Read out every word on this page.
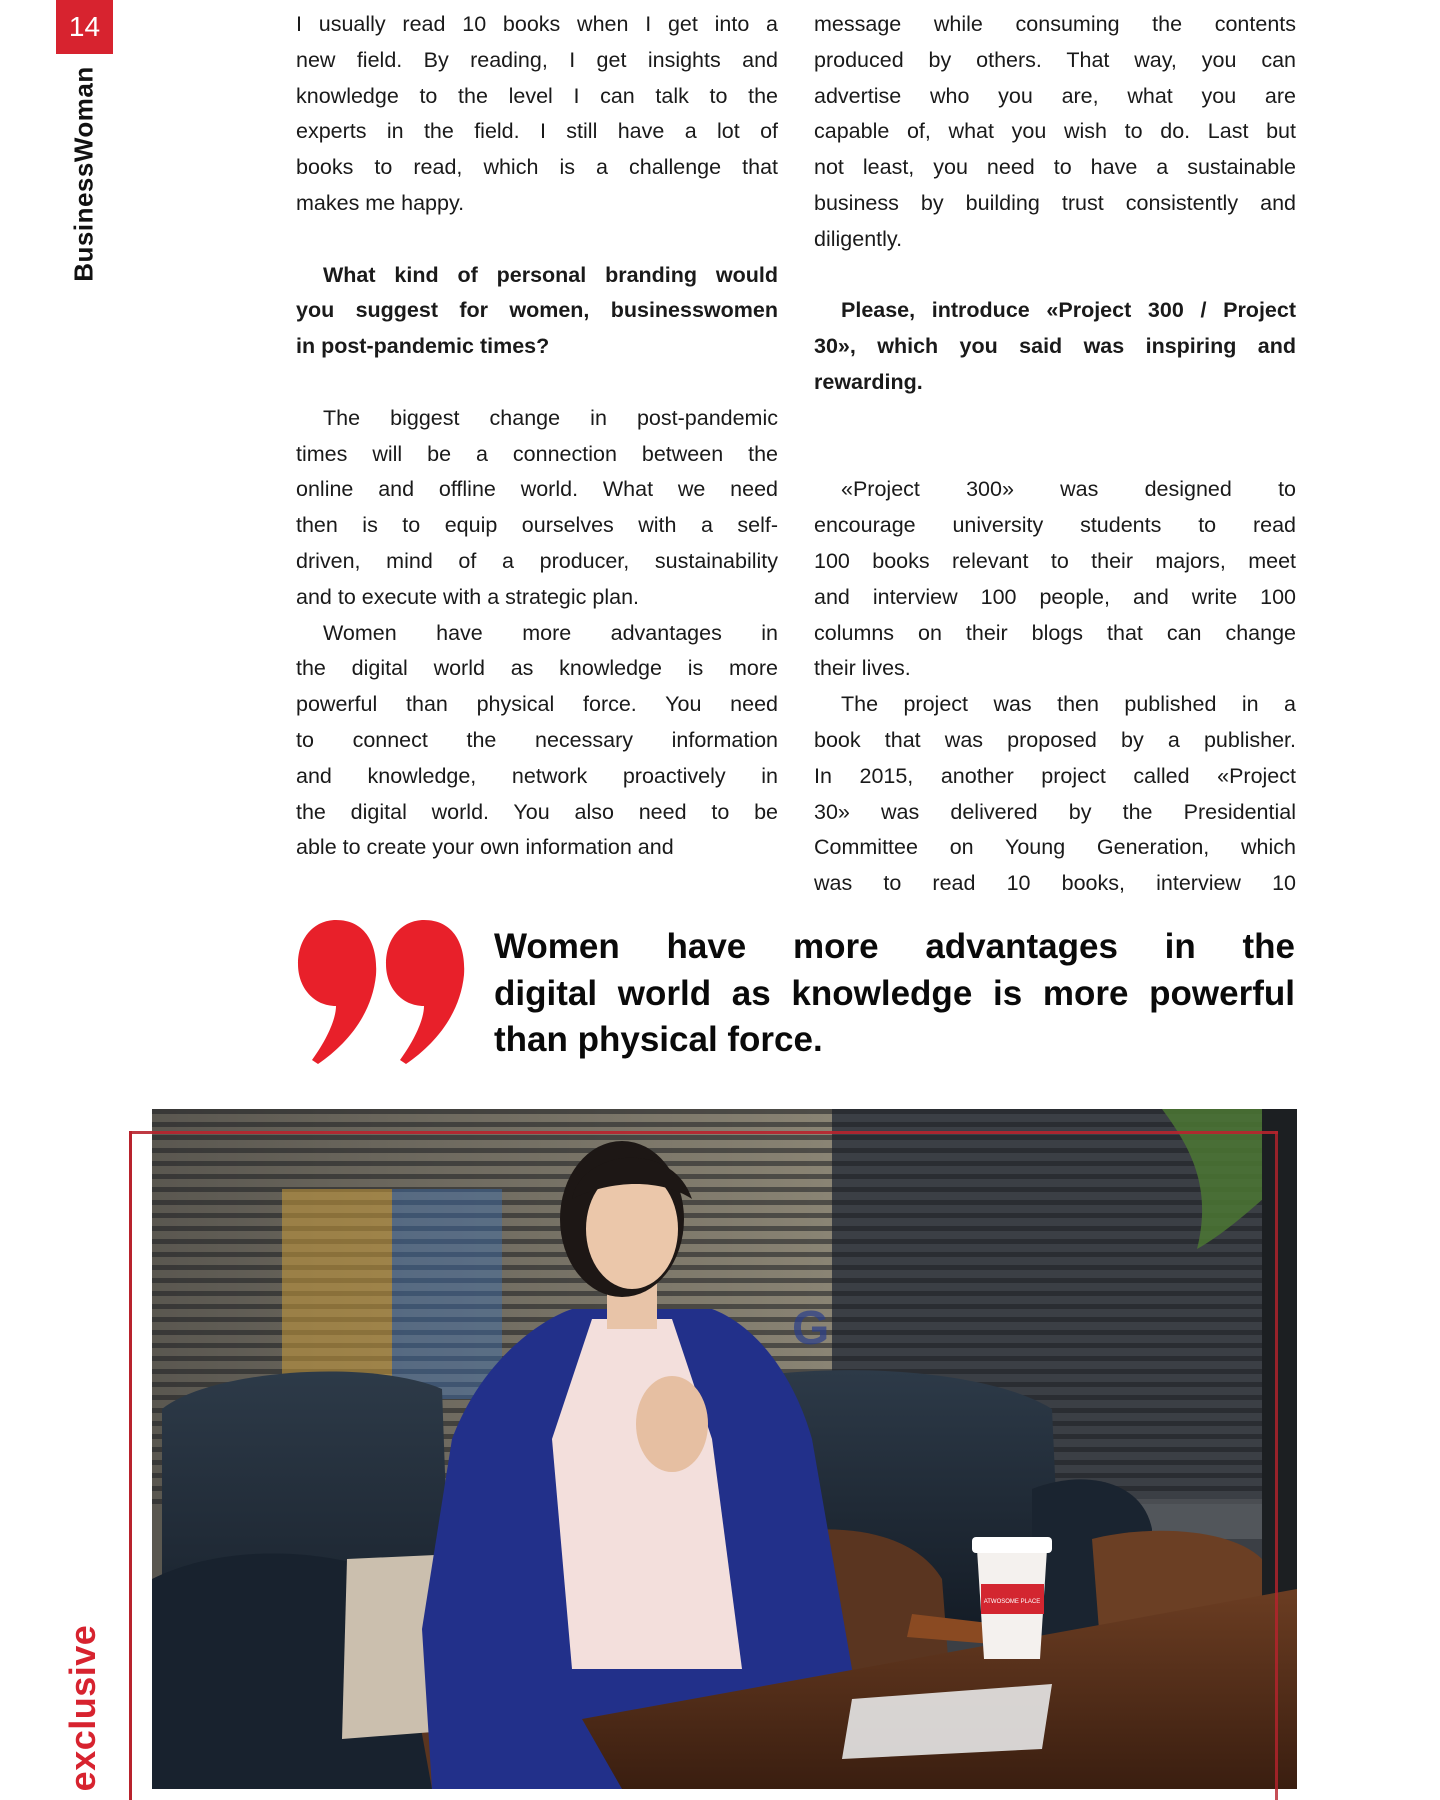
14
BusinessWoman
exclusive
I usually read 10 books when I get into a
new field. By reading, I get insights and
knowledge to the level I can talk to the
experts in the field. I still have a lot of
books to read, which is a challenge that
makes me happy.
What kind of personal branding would
you suggest for women, businesswomen
in post-pandemic times?
The biggest change in post-pandemic
times will be a connection between the
online and offline world. What we need
then is to equip ourselves with a self-
driven, mind of a producer, sustainability
and to execute with a strategic plan.
Women have more advantages in
the digital world as knowledge is more
powerful than physical force. You need
to connect the necessary information
and knowledge, network proactively in
the digital world. You also need to be
able to create your own information and
message while consuming the contents
produced by others. That way, you can
advertise who you are, what you are
capable of, what you wish to do. Last but
not least, you need to have a sustainable
business by building trust consistently and
diligently.
Please, introduce «Project 300 / Project
30», which you said was inspiring and
rewarding.
«Project 300» was designed to
encourage university students to read
100 books relevant to their majors, meet
and interview 100 people, and write 100
columns on their blogs that can change
their lives.
The project was then published in a
book that was proposed by a publisher.
In 2015, another project called «Project
30» was delivered by the Presidential
Committee on Young Generation, which
was to read 10 books, interview 10
Women have more advantages in the
digital world as knowledge is more powerful
than physical force.
G
ATWOSOME PLACE
